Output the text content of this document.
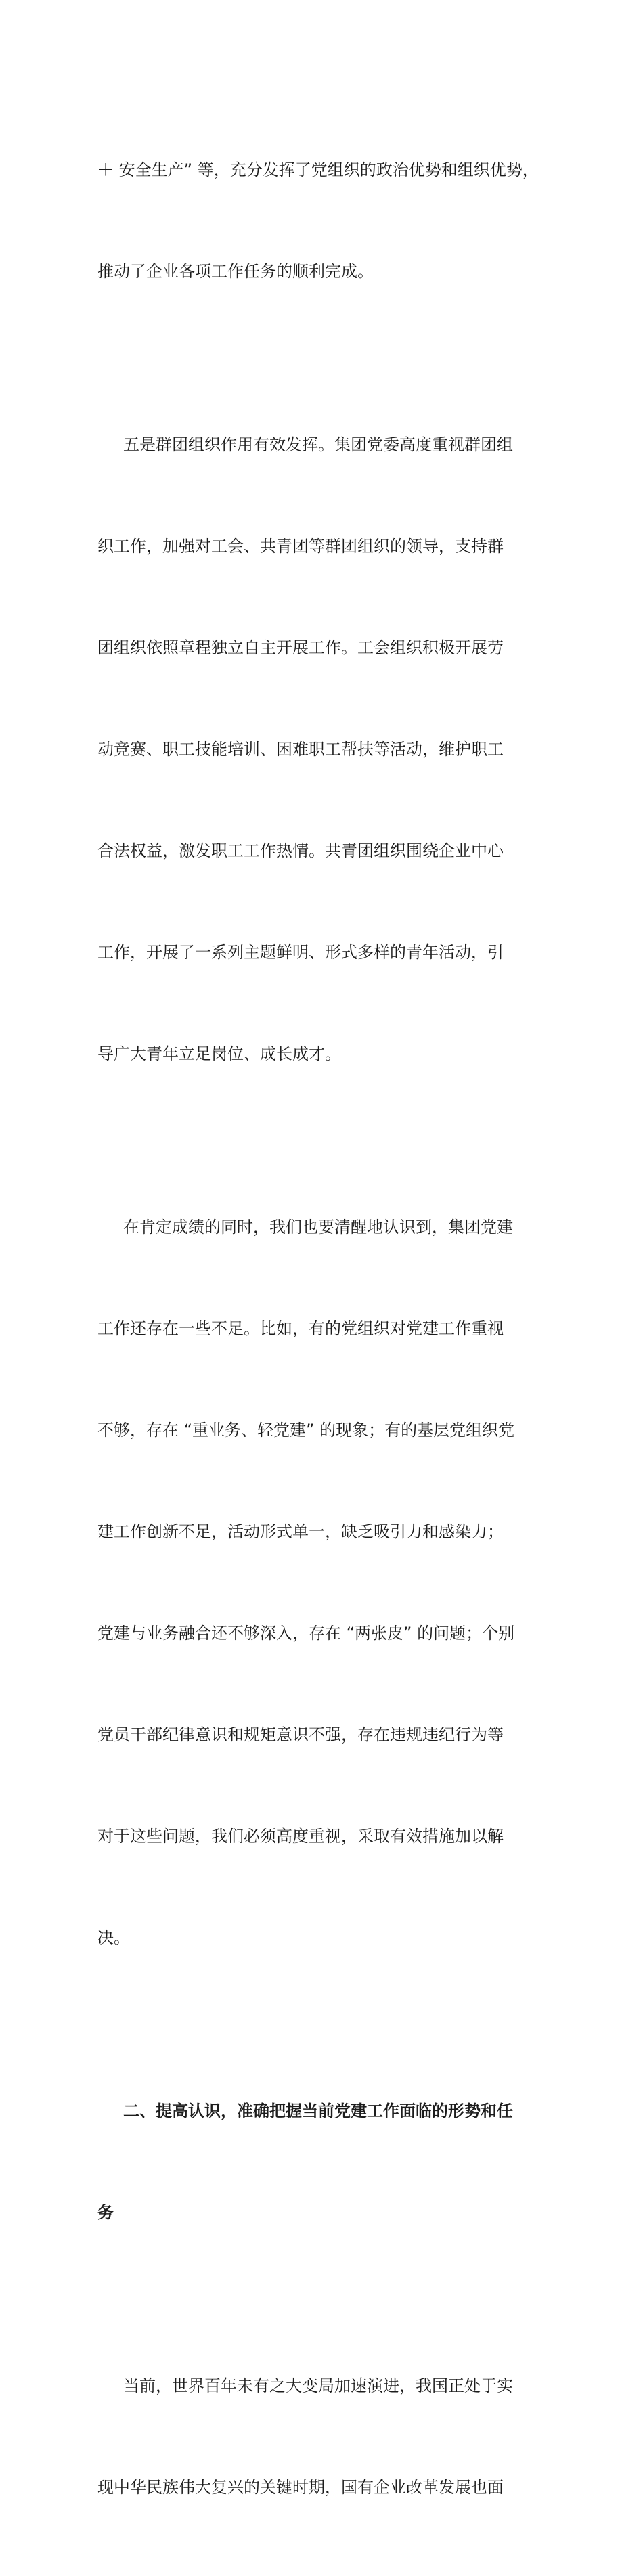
＋ 安全生产” 等，充分发挥了党组织的政治优势和组织优势，

推动了企业各项工作任务的顺利完成。

五是群团组织作用有效发挥。集团党委高度重视群团组

织工作，加强对工会、共青团等群团组织的领导，支持群

团组织依照章程独立自主开展工作。工会组织积极开展劳

动竞赛、职工技能培训、困难职工帮扶等活动，维护职工

合法权益，激发职工工作热情。共青团组织围绕企业中心

工作，开展了一系列主题鲜明、形式多样的青年活动，引

导广大青年立足岗位、成长成才。

在肯定成绩的同时，我们也要清醒地认识到，集团党建

工作还存在一些不足。比如，有的党组织对党建工作重视

不够，存在 “重业务、轻党建” 的现象；有的基层党组织党

建工作创新不足，活动形式单一，缺乏吸引力和感染力；

党建与业务融合还不够深入，存在 “两张皮” 的问题；个别

党员干部纪律意识和规矩意识不强，存在违规违纪行为等

对于这些问题，我们必须高度重视，采取有效措施加以解

决。

二、提高认识，准确把握当前党建工作面临的形势和任

务

当前，世界百年未有之大变局加速演进，我国正处于实

现中华民族伟大复兴的关键时期，国有企业改革发展也面
